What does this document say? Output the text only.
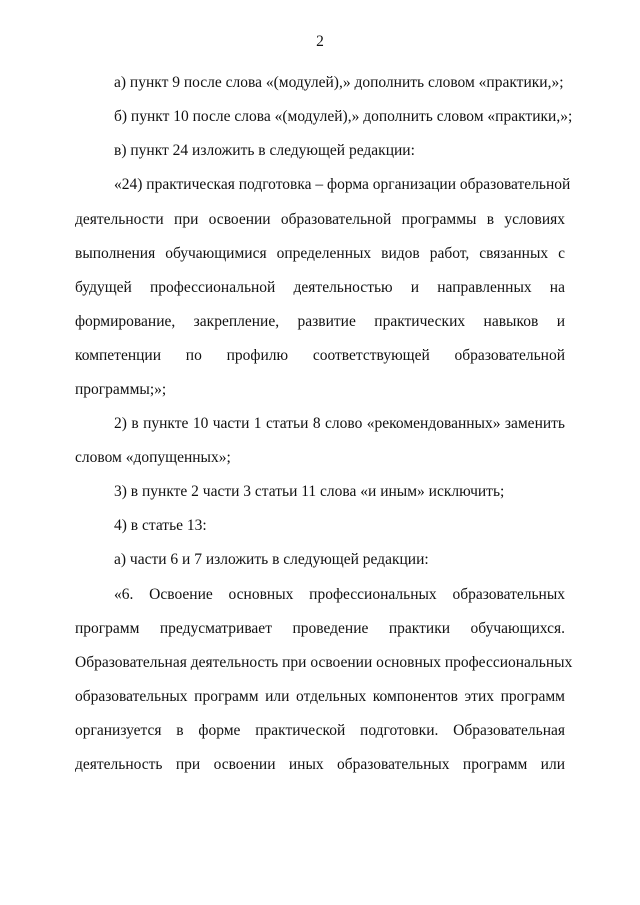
2
а) пункт 9 после слова «(модулей),» дополнить словом «практики,»;
б) пункт 10 после слова «(модулей),» дополнить словом «практики,»;
в) пункт 24 изложить в следующей редакции:
«24) практическая подготовка – форма организации образовательной
деятельности при освоении образовательной программы в условиях
выполнения обучающимися определенных видов работ, связанных с
будущей профессиональной деятельностью и направленных на
формирование, закрепление, развитие практических навыков и
компетенции по профилю соответствующей образовательной
программы;»;
2) в пункте 10 части 1 статьи 8 слово «рекомендованных» заменить
словом «допущенных»;
3) в пункте 2 части 3 статьи 11 слова «и иным» исключить;
4) в статье 13:
а) части 6 и 7 изложить в следующей редакции:
«6. Освоение основных профессиональных образовательных
программ предусматривает проведение практики обучающихся.
Образовательная деятельность при освоении основных профессиональных
образовательных программ или отдельных компонентов этих программ
организуется в форме практической подготовки. Образовательная
деятельность при освоении иных образовательных программ или
